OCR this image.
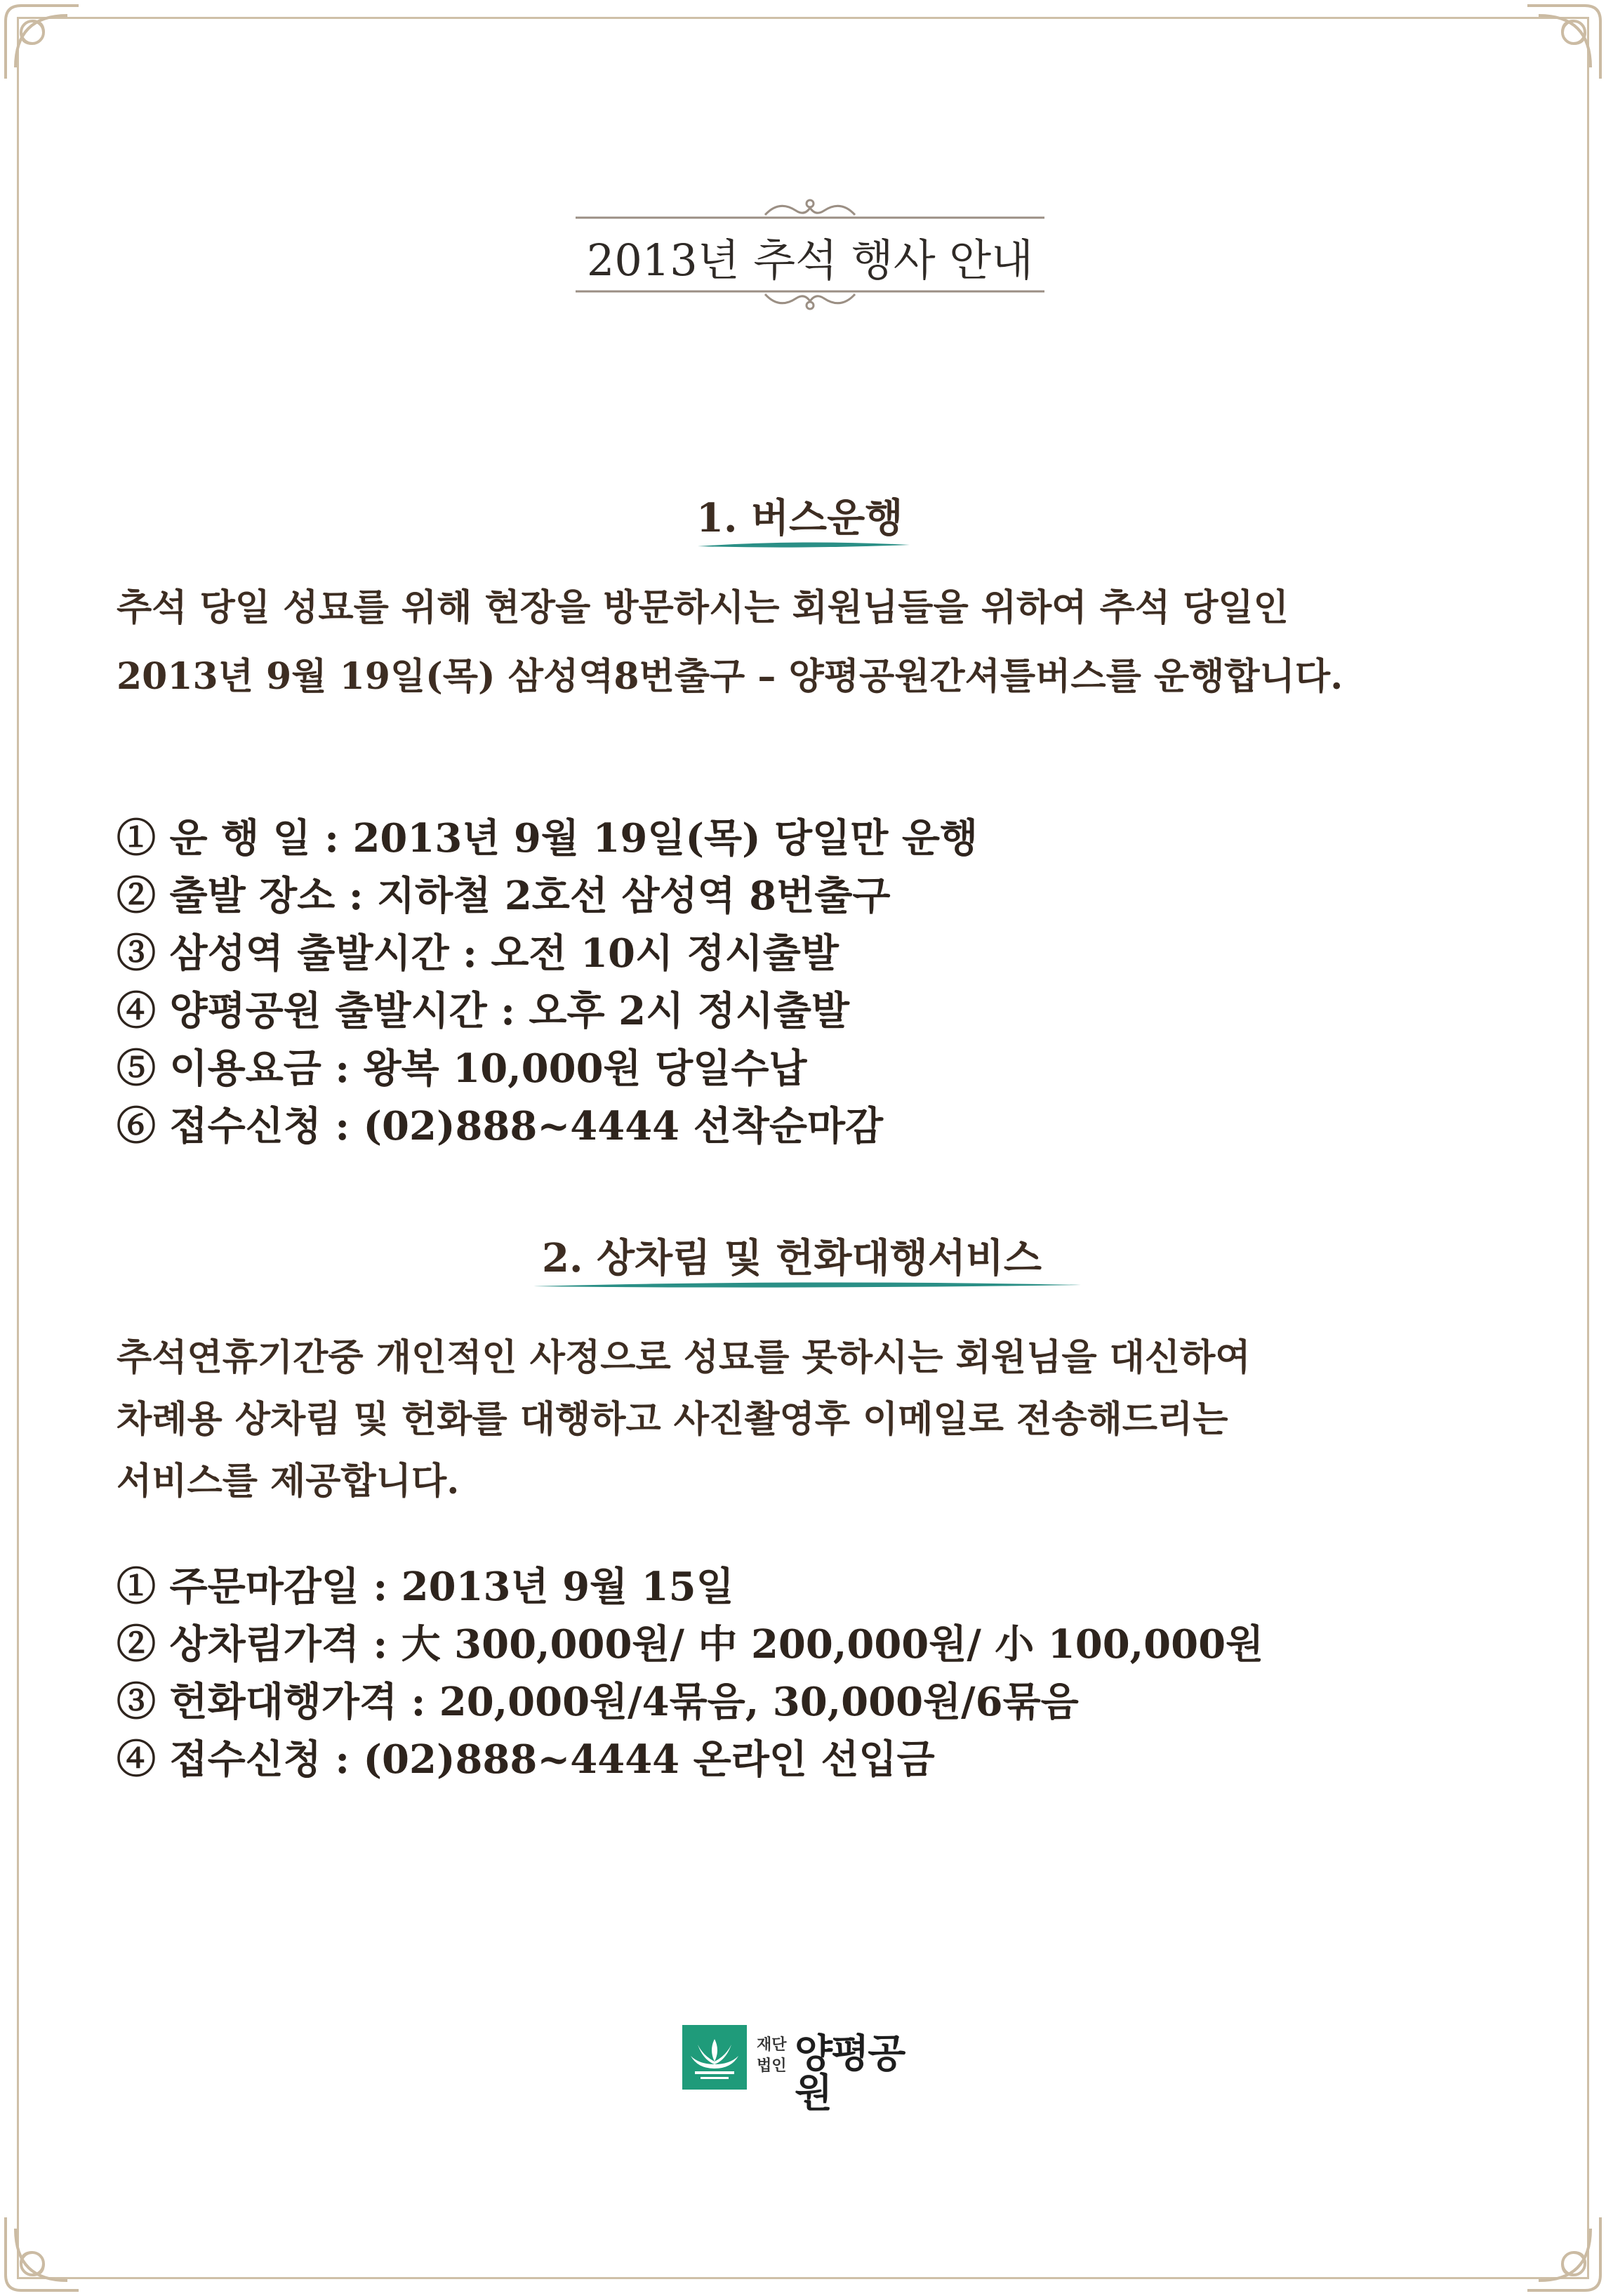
2013년 추석 행사 안내
1. 버스운행
추석 당일 성묘를 위해 현장을 방문하시는 회원님들을 위하여 추석 당일인
2013년 9월 19일(목) 삼성역8번출구 – 양평공원간셔틀버스를 운행합니다.
① 운 행 일 : 2013년 9월 19일(목) 당일만 운행
② 출발 장소 : 지하철 2호선 삼성역 8번출구
③ 삼성역 출발시간 : 오전 10시 정시출발
④ 양평공원 출발시간 : 오후 2시 정시출발
⑤ 이용요금 : 왕복 10,000원 당일수납
⑥ 접수신청 : (02)888~4444 선착순마감
2. 상차림 및 헌화대행서비스
추석연휴기간중 개인적인 사정으로 성묘를 못하시는 회원님을 대신하여
차례용 상차림 및 헌화를 대행하고 사진촬영후 이메일로 전송해드리는
서비스를 제공합니다.
① 주문마감일 : 2013년 9월 15일
② 상차림가격 : 大 300,000원/ 中 200,000원/ 小 100,000원
③ 헌화대행가격 : 20,000원/4묶음, 30,000원/6묶음
④ 접수신청 : (02)888~4444 온라인 선입금
재단
법인 양평공원
